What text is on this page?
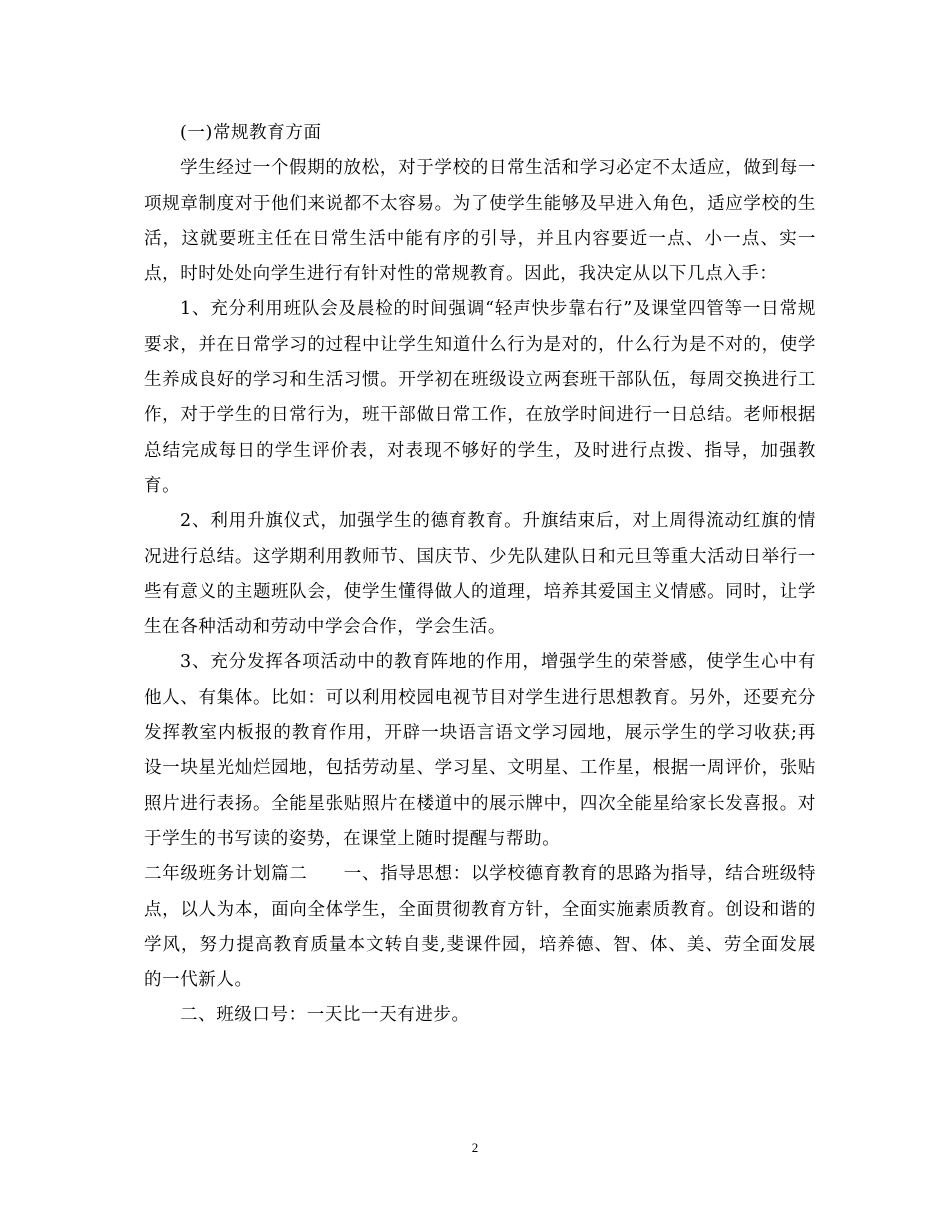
(一)常规教育方面

学生经过一个假期的放松，对于学校的日常生活和学习必定不太适应，做到每一项规章制度对于他们来说都不太容易。为了使学生能够及早进入角色，适应学校的生活，这就要班主任在日常生活中能有序的引导，并且内容要近一点、小一点、实一点，时时处处向学生进行有针对性的常规教育。因此，我决定从以下几点入手：

1、充分利用班队会及晨检的时间强调“轻声快步靠右行”及课堂四管等一日常规要求，并在日常学习的过程中让学生知道什么行为是对的，什么行为是不对的，使学生养成良好的学习和生活习惯。开学初在班级设立两套班干部队伍，每周交换进行工作，对于学生的日常行为，班干部做日常工作，在放学时间进行一日总结。老师根据总结完成每日的学生评价表，对表现不够好的学生，及时进行点拨、指导，加强教育。

2、利用升旗仪式，加强学生的德育教育。升旗结束后，对上周得流动红旗的情况进行总结。这学期利用教师节、国庆节、少先队建队日和元旦等重大活动日举行一些有意义的主题班队会，使学生懂得做人的道理，培养其爱国主义情感。同时，让学生在各种活动和劳动中学会合作，学会生活。

3、充分发挥各项活动中的教育阵地的作用，增强学生的荣誉感，使学生心中有他人、有集体。比如：可以利用校园电视节目对学生进行思想教育。另外，还要充分发挥教室内板报的教育作用，开辟一块语言语文学习园地，展示学生的学习收获;再设一块星光灿烂园地，包括劳动星、学习星、文明星、工作星，根据一周评价，张贴照片进行表扬。全能星张贴照片在楼道中的展示牌中，四次全能星给家长发喜报。对于学生的书写读的姿势，在课堂上随时提醒与帮助。

二年级班务计划篇二　　一、指导思想：以学校德育教育的思路为指导，结合班级特点，以人为本，面向全体学生，全面贯彻教育方针，全面实施素质教育。创设和谐的学风，努力提高教育质量本文转自斐,斐课件园，培养德、智、体、美、劳全面发展的一代新人。

二、班级口号：一天比一天有进步。

2
